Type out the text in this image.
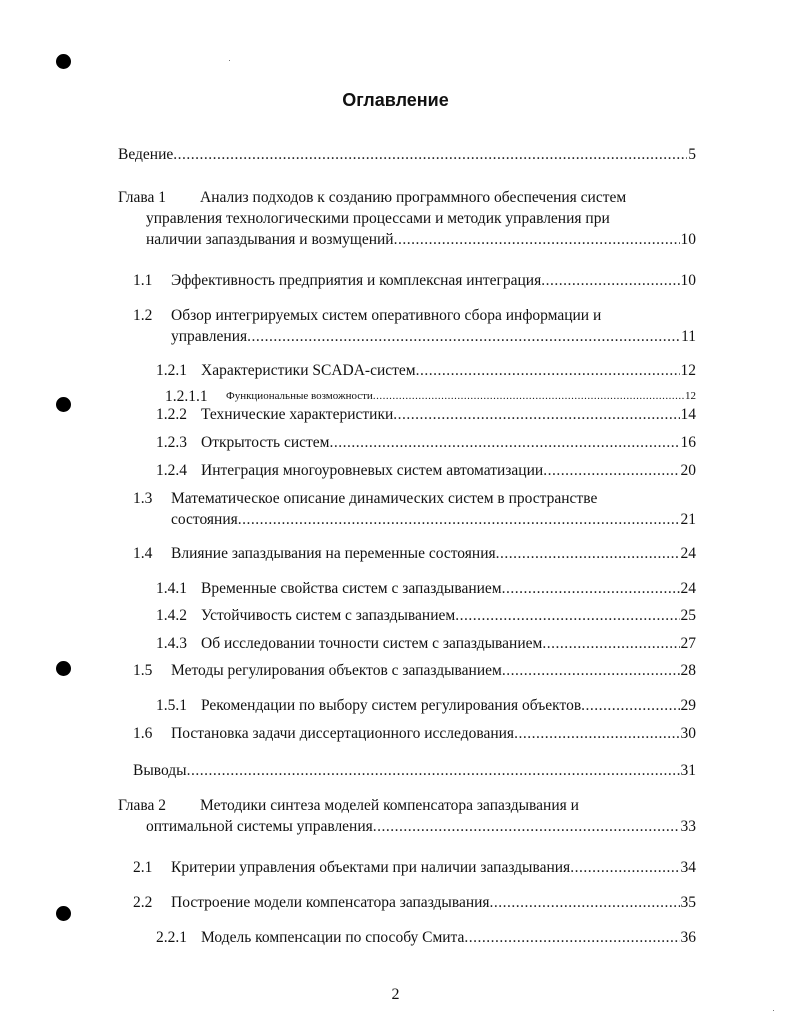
Оглавление
Ведение .....	5
Глава 1 Анализ подходов к созданию программного обеспечения систем
управления технологическими процессами и методик управления при
наличии запаздывания и возмущений .....	10
1.1 Эффективность предприятия и комплексная интеграция .....	10
1.2 Обзор интегрируемых систем оперативного сбора информации и
управления .....	11
1.2.1 Характеристики SCADA-систем .....	12
1.2.1.1 Функциональные возможности .....	12
1.2.2 Технические характеристики .....	14
1.2.3 Открытость систем .....	16
1.2.4 Интеграция многоуровневых систем автоматизации .....	20
1.3 Математическое описание динамических систем в пространстве
состояния .....	21
1.4 Влияние запаздывания на переменные состояния .....	24
1.4.1 Временные свойства систем с запаздыванием .....	24
1.4.2 Устойчивость систем с запаздыванием .....	25
1.4.3 Об исследовании точности систем с запаздыванием .....	27
1.5 Методы регулирования объектов с запаздыванием .....	28
1.5.1 Рекомендации по выбору систем регулирования объектов .....	29
1.6 Постановка задачи диссертационного исследования .....	30
Выводы .....	31
Глава 2 Методики синтеза моделей компенсатора запаздывания и
оптимальной системы управления .....	33
2.1 Критерии управления объектами при наличии запаздывания .....	34
2.2 Построение модели компенсатора запаздывания .....	35
2.2.1 Модель компенсации по способу Смита .....	36
2
